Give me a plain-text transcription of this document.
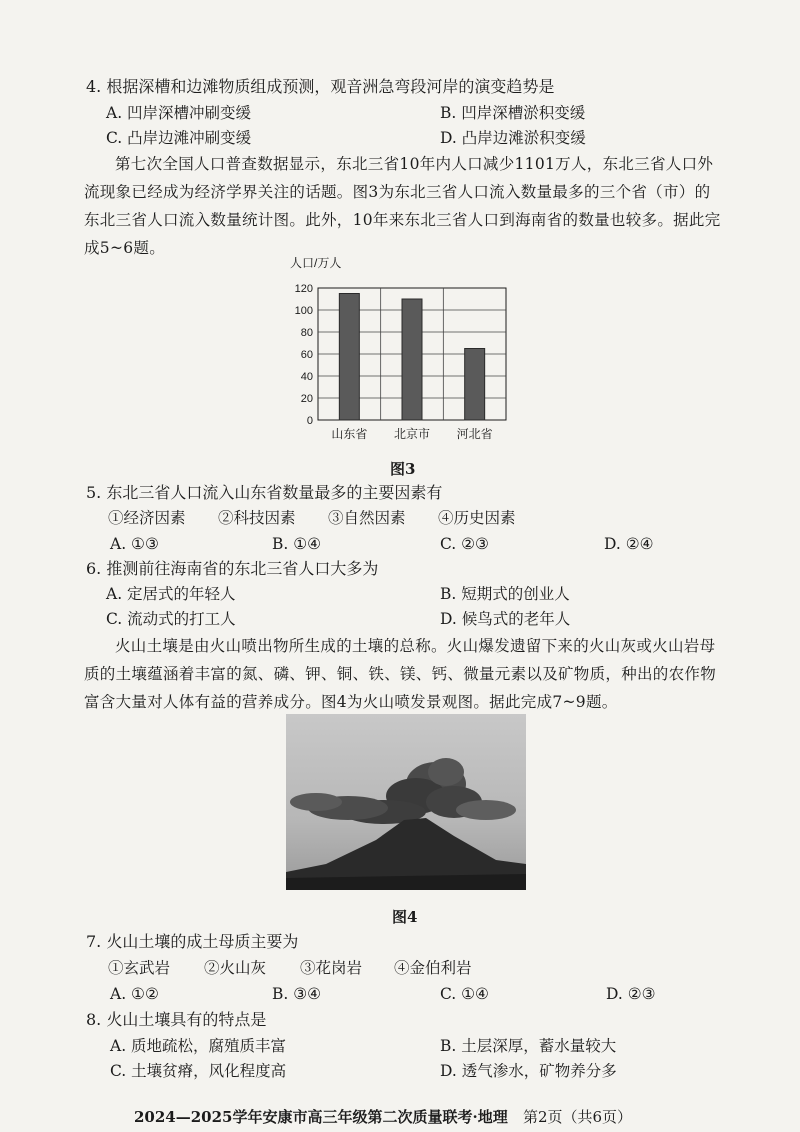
4. 根据深槽和边滩物质组成预测，观音洲急弯段河岸的演变趋势是
A. 凹岸深槽冲刷变缓	B. 凹岸深槽淤积变缓
C. 凸岸边滩冲刷变缓	D. 凸岸边滩淤积变缓

第七次全国人口普查数据显示，东北三省10年内人口减少1101万人，东北三省人口外流现象已经成为经济学界关注的话题。图3为东北三省人口流入数量最多的三个省（市）的东北三省人口流入数量统计图。此外，10年来东北三省人口到海南省的数量也较多。据此完成5~6题。

人口/万人
0
20
40
60
80
100
120
山东省 北京市 河北省
图3
5. 东北三省人口流入山东省数量最多的主要因素有
①经济因素 ②科技因素 ③自然因素 ④历史因素
A. ①③	B. ①④	C. ②③	D. ②④
6. 推测前往海南省的东北三省人口大多为
A. 定居式的年轻人	B. 短期式的创业人
C. 流动式的打工人	D. 候鸟式的老年人

火山土壤是由火山喷出物所生成的土壤的总称。火山爆发遗留下来的火山灰或火山岩母质的土壤蕴涵着丰富的氮、磷、钾、铜、铁、镁、钙、微量元素以及矿物质，种出的农作物富含大量对人体有益的营养成分。图4为火山喷发景观图。据此完成7~9题。

图4
7. 火山土壤的成土母质主要为
①玄武岩 ②火山灰 ③花岗岩 ④金伯利岩
A. ①②	B. ③④	C. ①④	D. ②③
8. 火山土壤具有的特点是
A. 质地疏松，腐殖质丰富	B. 土层深厚，蓄水量较大
C. 土壤贫瘠，风化程度高	D. 透气渗水，矿物养分多
2024—2025学年安康市高三年级第二次质量联考·地理 第2页（共6页）
